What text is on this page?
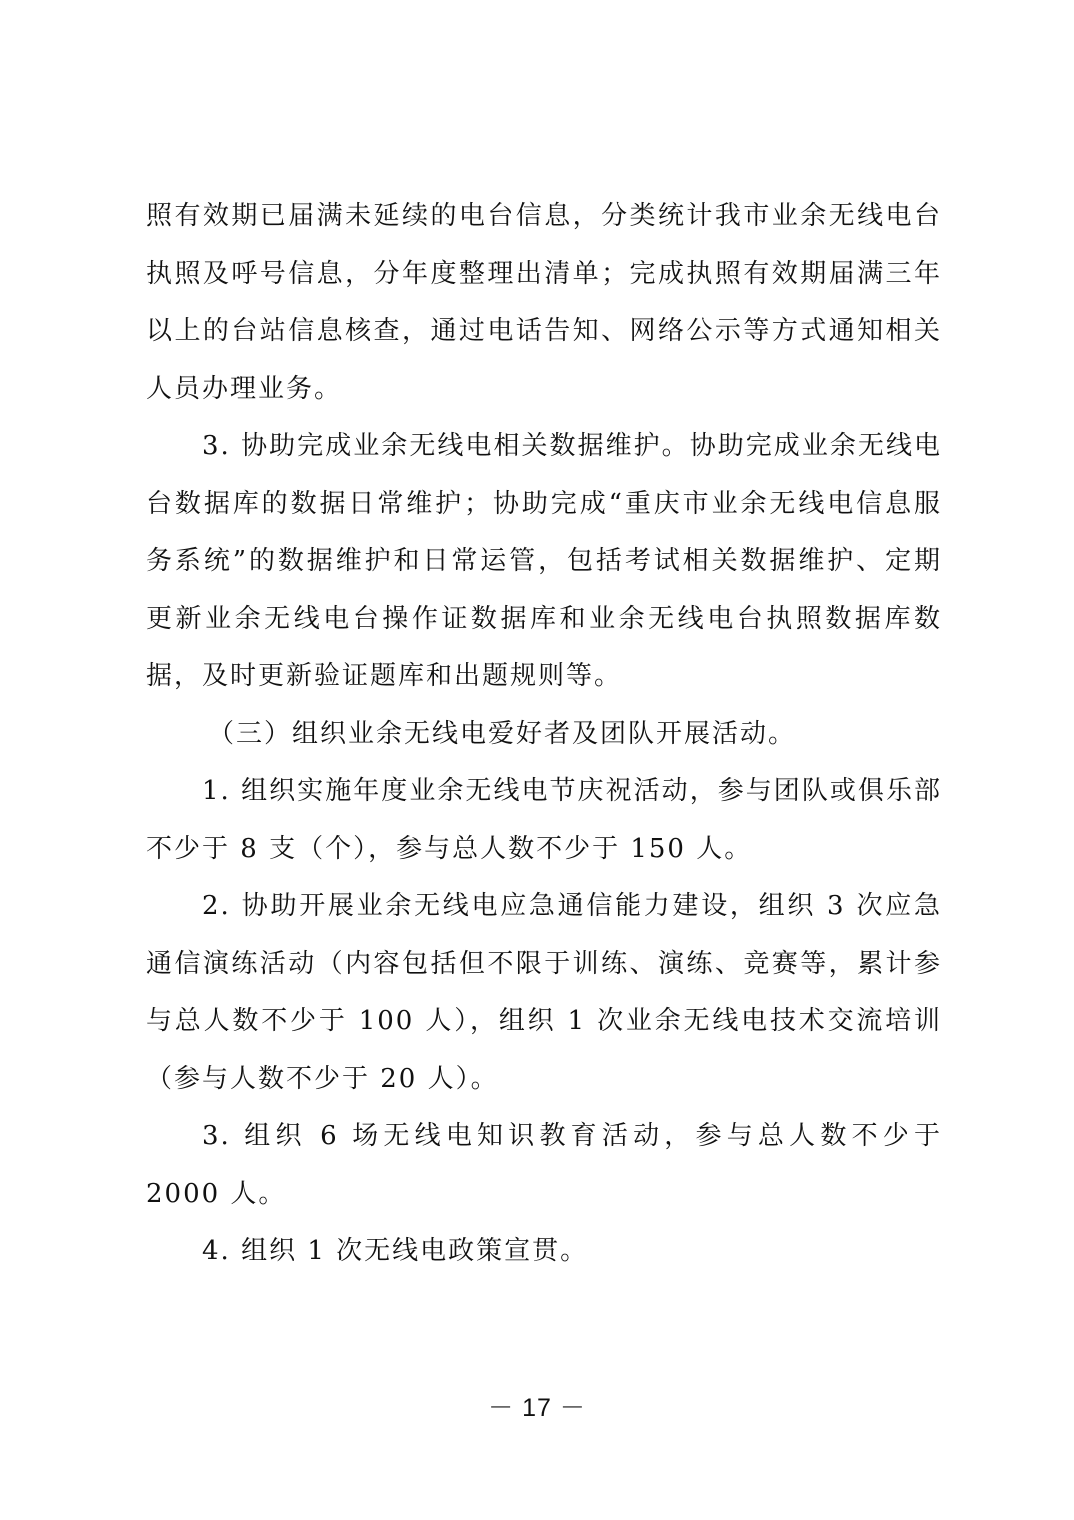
照有效期已届满未延续的电台信息，分类统计我市业余无线电台执照及呼号信息，分年度整理出清单；完成执照有效期届满三年以上的台站信息核查，通过电话告知、网络公示等方式通知相关人员办理业务。

3. 协助完成业余无线电相关数据维护。协助完成业余无线电台数据库的数据日常维护；协助完成“重庆市业余无线电信息服务系统”的数据维护和日常运管，包括考试相关数据维护、定期更新业余无线电台操作证数据库和业余无线电台执照数据库数据，及时更新验证题库和出题规则等。

（三）组织业余无线电爱好者及团队开展活动。

1. 组织实施年度业余无线电节庆祝活动，参与团队或俱乐部不少于 8 支（个），参与总人数不少于 150 人。

2. 协助开展业余无线电应急通信能力建设，组织 3 次应急通信演练活动（内容包括但不限于训练、演练、竞赛等，累计参与总人数不少于 100 人），组织 1 次业余无线电技术交流培训（参与人数不少于 20 人）。

3. 组织 6 场无线电知识教育活动，参与总人数不少于 2000 人。

4. 组织 1 次无线电政策宣贯。

－ 17 －
